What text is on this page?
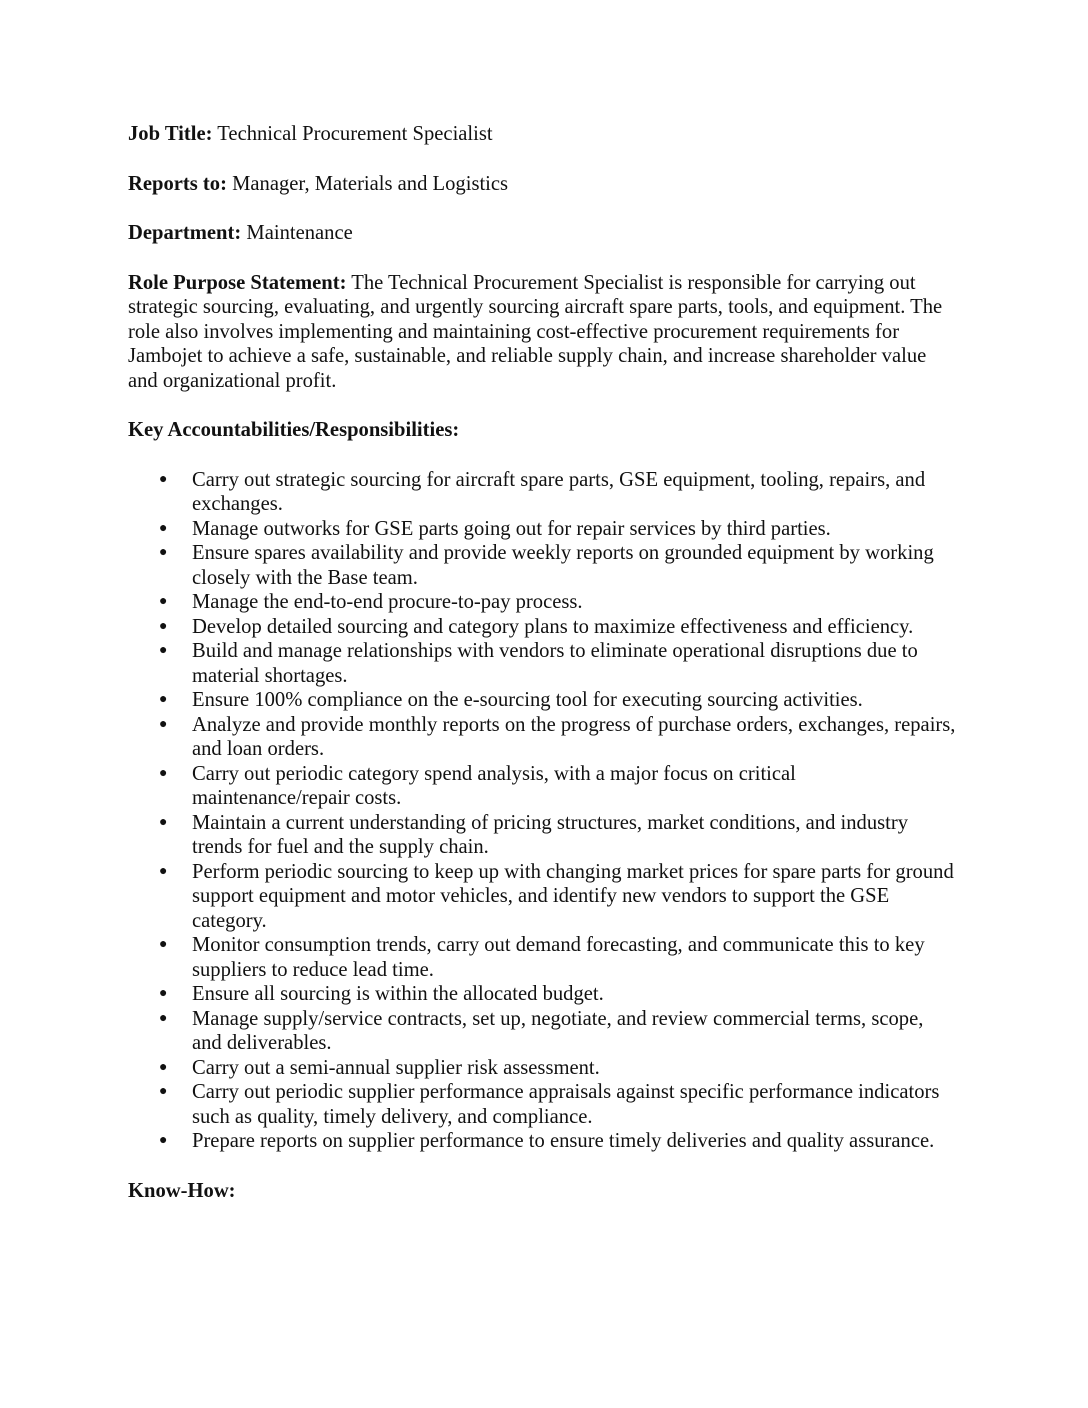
Job Title: Technical Procurement Specialist

Reports to: Manager, Materials and Logistics

Department: Maintenance

Role Purpose Statement: The Technical Procurement Specialist is responsible for carrying out strategic sourcing, evaluating, and urgently sourcing aircraft spare parts, tools, and equipment. The role also involves implementing and maintaining cost-effective procurement requirements for Jambojet to achieve a safe, sustainable, and reliable supply chain, and increase shareholder value and organizational profit.

Key Accountabilities/Responsibilities:

● Carry out strategic sourcing for aircraft spare parts, GSE equipment, tooling, repairs, and exchanges.
● Manage outworks for GSE parts going out for repair services by third parties.
● Ensure spares availability and provide weekly reports on grounded equipment by working closely with the Base team.
● Manage the end-to-end procure-to-pay process.
● Develop detailed sourcing and category plans to maximize effectiveness and efficiency.
● Build and manage relationships with vendors to eliminate operational disruptions due to material shortages.
● Ensure 100% compliance on the e-sourcing tool for executing sourcing activities.
● Analyze and provide monthly reports on the progress of purchase orders, exchanges, repairs, and loan orders.
● Carry out periodic category spend analysis, with a major focus on critical maintenance/repair costs.
● Maintain a current understanding of pricing structures, market conditions, and industry trends for fuel and the supply chain.
● Perform periodic sourcing to keep up with changing market prices for spare parts for ground support equipment and motor vehicles, and identify new vendors to support the GSE category.
● Monitor consumption trends, carry out demand forecasting, and communicate this to key suppliers to reduce lead time.
● Ensure all sourcing is within the allocated budget.
● Manage supply/service contracts, set up, negotiate, and review commercial terms, scope, and deliverables.
● Carry out a semi-annual supplier risk assessment.
● Carry out periodic supplier performance appraisals against specific performance indicators such as quality, timely delivery, and compliance.
● Prepare reports on supplier performance to ensure timely deliveries and quality assurance.

Know-How:
